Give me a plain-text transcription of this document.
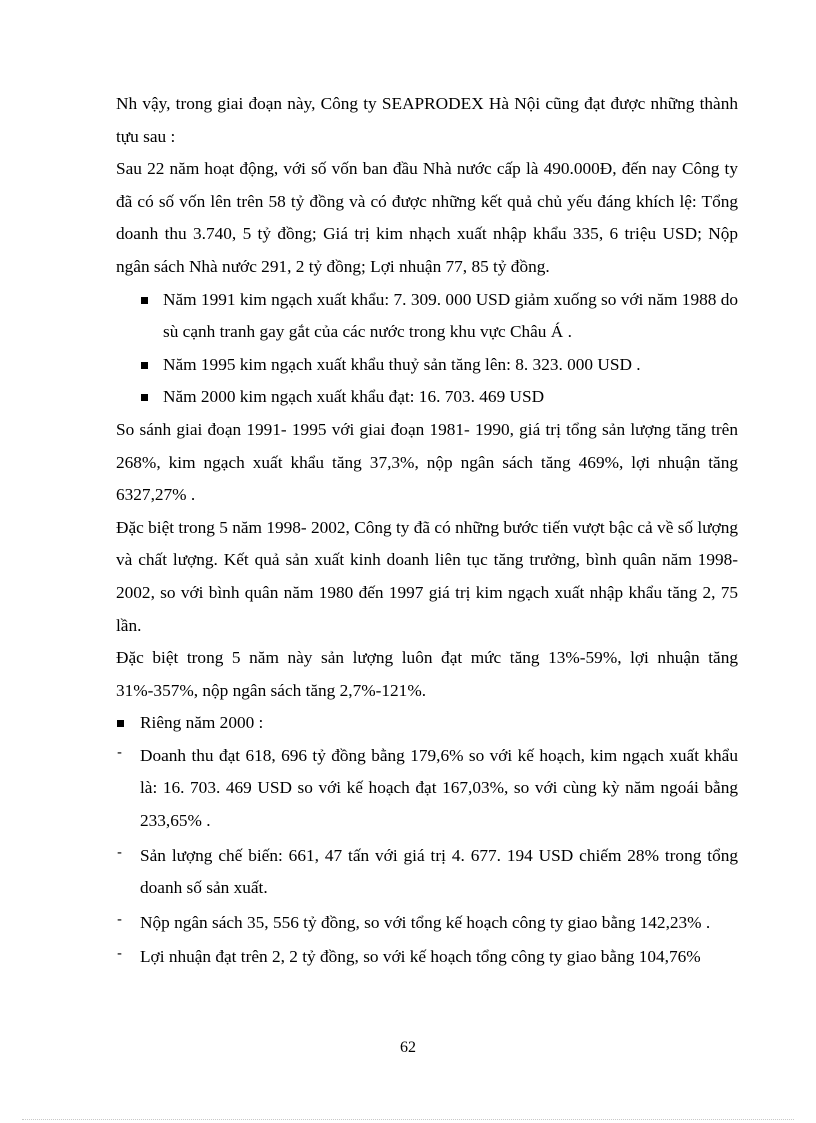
Nh vậy, trong giai đoạn này, Công ty SEAPRODEX Hà Nội cũng đạt được những thành tựu sau :

Sau 22 năm hoạt động, với số vốn ban đầu Nhà nước cấp là 490.000Đ, đến nay Công ty đã có số vốn lên trên 58 tỷ đồng và có được những kết quả chủ yếu đáng khích lệ: Tổng doanh thu 3.740, 5 tỷ đồng; Giá trị kim nhạch xuất nhập khẩu 335, 6 triệu USD; Nộp ngân sách Nhà nước 291, 2 tỷ đồng; Lợi nhuận 77, 85 tỷ đồng.

Năm 1991 kim ngạch xuất khẩu: 7. 309. 000 USD giảm xuống so với năm 1988 do sù cạnh tranh gay gắt của các nước trong khu vực Châu Á .
Năm 1995 kim ngạch xuất khẩu thuỷ sản tăng lên: 8. 323. 000 USD .
Năm 2000 kim ngạch xuất khẩu đạt: 16. 703. 469 USD

So sánh giai đoạn 1991- 1995 với giai đoạn 1981- 1990, giá trị tổng sản lượng tăng trên 268%, kim ngạch xuất khẩu tăng 37,3%, nộp ngân sách tăng 469%, lợi nhuận tăng 6327,27% .

Đặc biệt trong 5 năm 1998- 2002, Công ty đã có những bước tiến vượt bậc cả về số lượng và chất lượng. Kết quả sản xuất kinh doanh liên tục tăng trưởng, bình quân năm 1998- 2002, so với bình quân năm 1980 đến 1997 giá trị kim ngạch xuất nhập khẩu tăng 2, 75 lần.

Đặc biệt trong 5 năm này sản lượng luôn đạt mức tăng 13%-59%, lợi nhuận tăng 31%-357%, nộp ngân sách tăng 2,7%-121%.

Riêng năm 2000 :
- Doanh thu đạt 618, 696 tỷ đồng bằng 179,6% so với kế hoạch, kim ngạch xuất khẩu là: 16. 703. 469 USD so với kế hoạch đạt 167,03%, so với cùng kỳ năm ngoái bằng 233,65% .
- Sản lượng chế biến: 661, 47 tấn với giá trị 4. 677. 194 USD chiếm 28% trong tổng doanh số sản xuất.
- Nộp ngân sách 35, 556 tỷ đồng, so với tổng kế hoạch công ty giao bằng 142,23% .
- Lợi nhuận đạt trên 2, 2 tỷ đồng, so với kế hoạch tổng công ty giao bằng 104,76%
62
